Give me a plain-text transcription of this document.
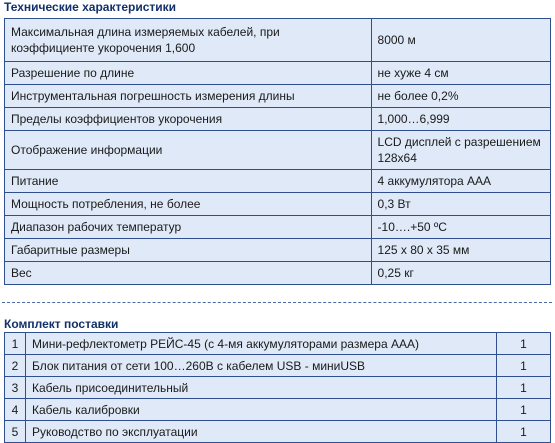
Технические характеристики
Максимальная длина измеряемых кабелей, при коэффициенте укорочения 1,600	8000 м
Разрешение по длине	не хуже 4 см
Инструментальная погрешность измерения длины	не более 0,2%
Пределы коэффициентов укорочения	1,000…6,999
Отображение информации	LCD дисплей с разрешением 128x64
Питание	4 аккумулятора ААА
Мощность потребления, не более	0,3 Вт
Диапазон рабочих температур	-10….+50 ºС
Габаритные размеры	125 х 80 х 35 мм
Вес	0,25 кг
Комплект поставки
1	Мини-рефлектометр РЕЙС-45 (с 4-мя аккумуляторами размера ААА)	1
2	Блок питания от сети 100…260В с кабелем USB - миниUSB	1
3	Кабель присоединительный	1
4	Кабель калибровки	1
5	Руководство по эксплуатации	1
